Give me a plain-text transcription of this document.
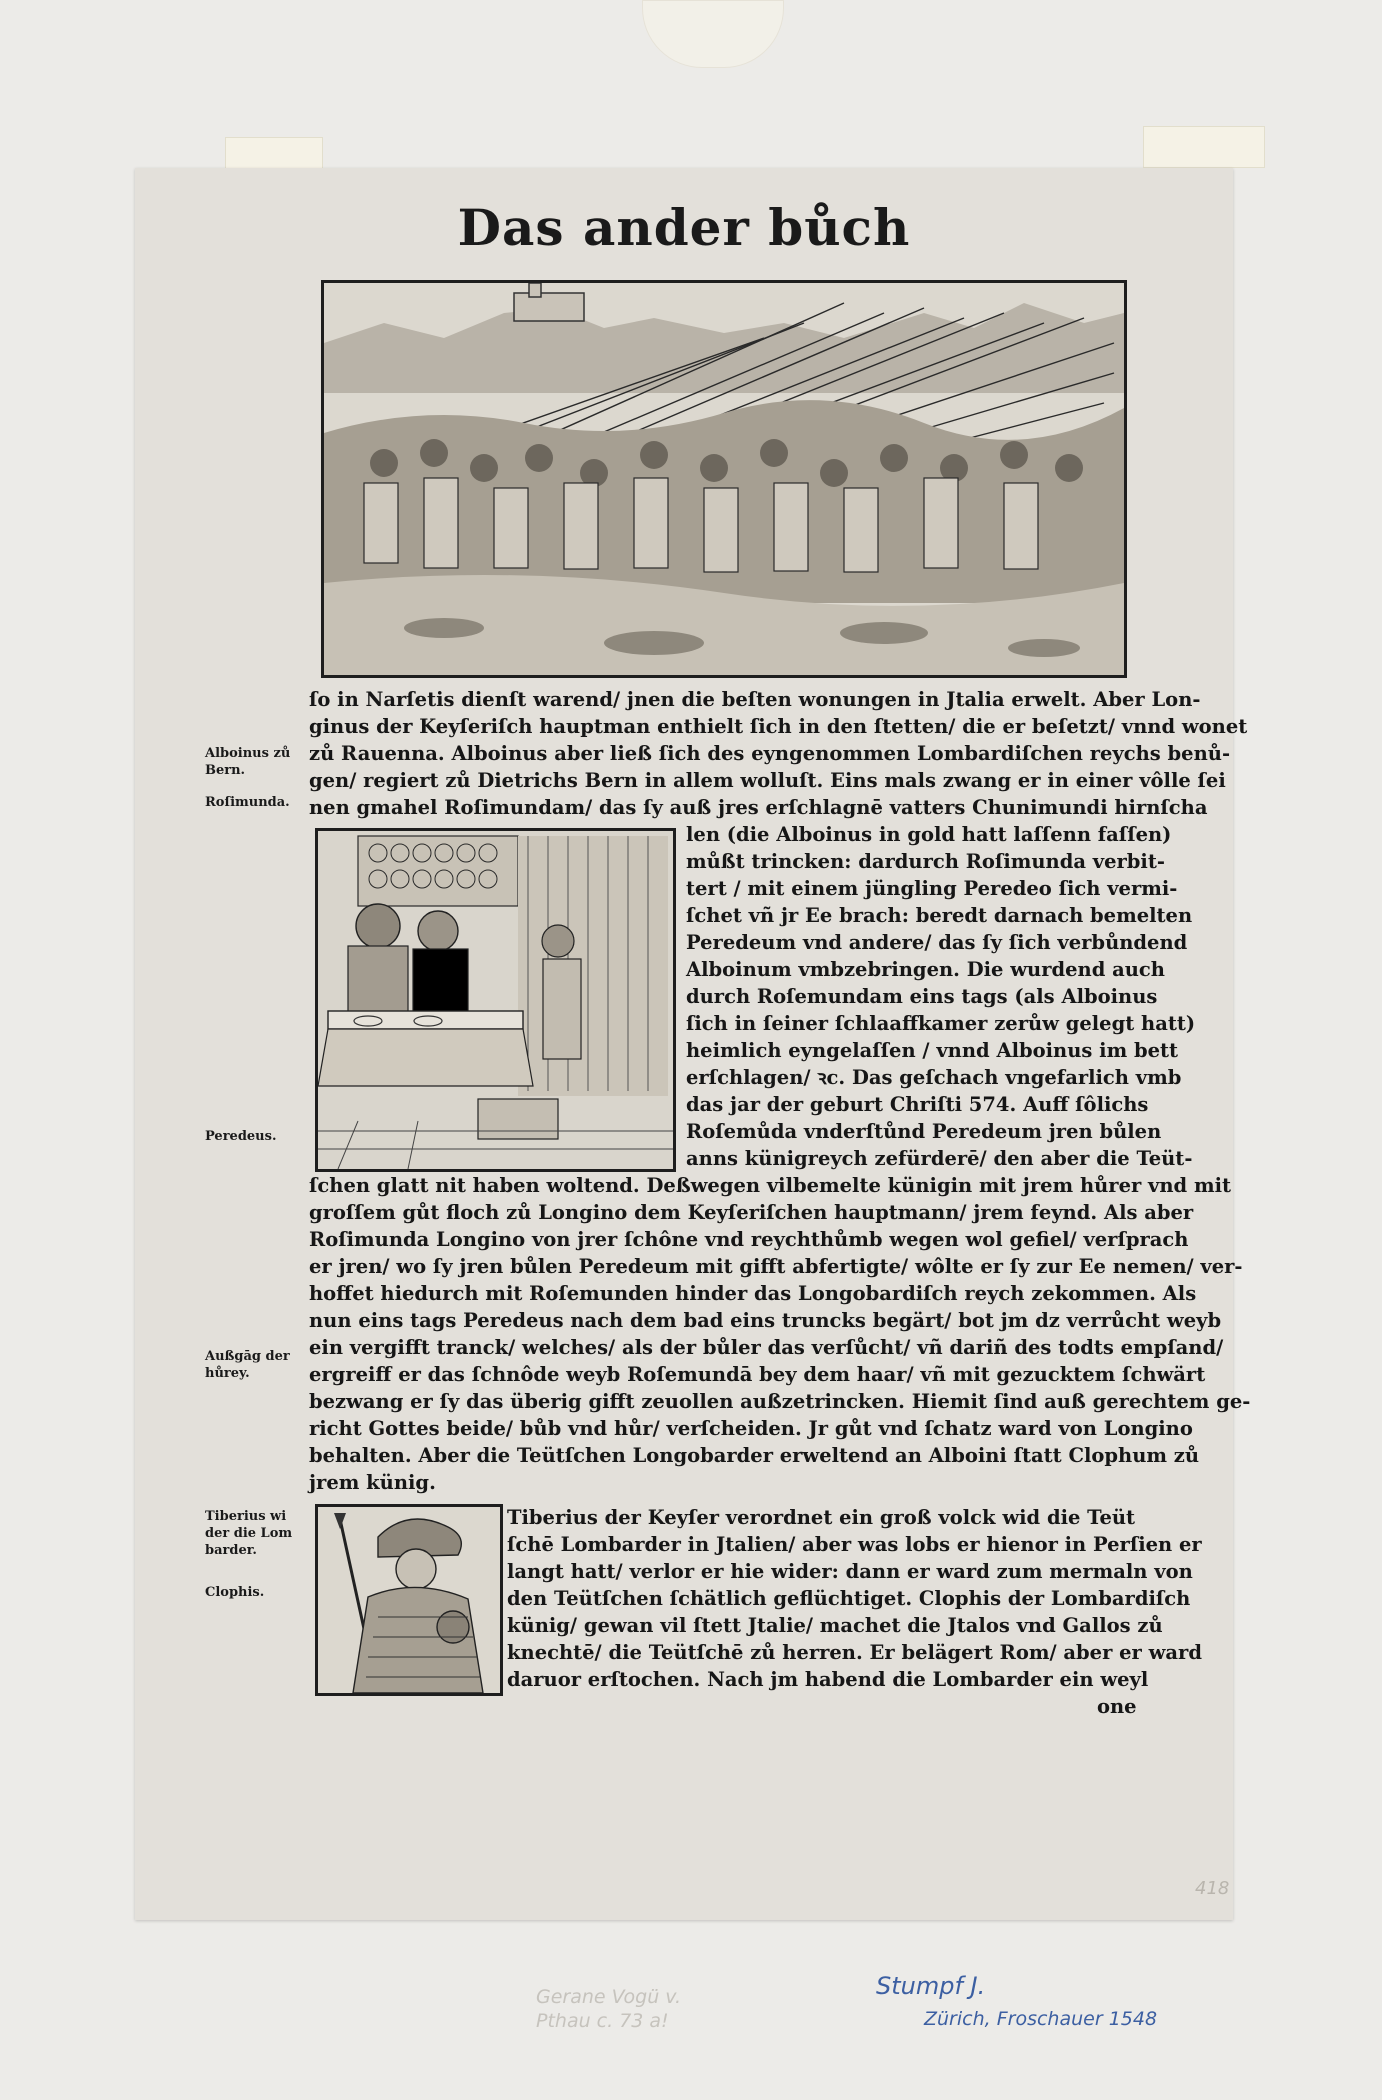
Das ander bůch

Alboinus zů
Bern.

Roſimunda.

Peredeus.

Außgāg der
hůrey.

Tiberius wi
der die Lom
barder.

Clophis.

ſo in Narſetis dienſt warend/ jnen die beſten wonungen in Jtalia erwelt. Aber Lon-

ginus der Keyſeriſch hauptman enthielt ſich in den ſtetten/ die er beſetzt/ vnnd wonet

zů Rauenna. Alboinus aber ließ ſich des eyngenommen Lombardiſchen reychs benů-

gen/ regiert zů Dietrichs Bern in allem wolluſt. Eins mals zwang er in einer vôlle ſei

nen gmahel Roſimundam/ das ſy auß jres erſchlagnē vatters Chunimundi hirnſcha

len (die Alboinus in gold hatt laſſenn faſſen)

můßt trincken: dardurch Roſimunda verbit-

tert / mit einem jüngling Peredeo ſich vermi-

ſchet vñ jr Ee brach: beredt darnach bemelten

Peredeum vnd andere/ das ſy ſich verbůndend

Alboinum vmbzebringen. Die wurdend auch

durch Roſemundam eins tags (als Alboinus

ſich in ſeiner ſchlaaffkamer zerůw gelegt hatt)

heimlich eyngelaſſen / vnnd Alboinus im bett

erſchlagen/ ꝛc. Das geſchach vngefarlich vmb

das jar der geburt Chriſti 574. Auff ſôlichs

Roſemůda vnderſtůnd Peredeum jren bůlen

anns künigreych zefürderē/ den aber die Teüt-

ſchen glatt nit haben woltend. Deßwegen vilbemelte künigin mit jrem hůrer vnd mit

groſſem gůt floch zů Longino dem Keyſeriſchen hauptmann/ jrem feynd. Als aber

Roſimunda Longino von jrer ſchône vnd reychthůmb wegen wol gefiel/ verſprach

er jren/ wo ſy jren bůlen Peredeum mit gifft abfertigte/ wôlte er ſy zur Ee nemen/ ver-

hoffet hiedurch mit Roſemunden hinder das Longobardiſch reych zekommen. Als

nun eins tags Peredeus nach dem bad eins truncks begärt/ bot jm dz verrůcht weyb

ein vergifft tranck/ welches/ als der bůler das verſůcht/ vñ dariñ des todts empſand/

ergreiff er das ſchnôde weyb Roſemundā bey dem haar/ vñ mit gezucktem ſchwärt

bezwang er ſy das überig gifft zeuollen außzetrincken. Hiemit ſind auß gerechtem ge-

richt Gottes beide/ bůb vnd hůr/ verſcheiden. Jr gůt vnd ſchatz ward von Longino

behalten. Aber die Teütſchen Longobarder erweltend an Alboini ſtatt Clophum zů

jrem künig.

Tiberius der Keyſer verordnet ein groß volck wid die Teüt

ſchē Lombarder in Jtalien/ aber was lobs er hienor in Perſien er

langt hatt/ verlor er hie wider: dann er ward zum mermaln von

den Teütſchen ſchätlich geflüchtiget. Clophis der Lombardiſch

künig/ gewan vil ſtett Jtalie/ machet die Jtalos vnd Gallos zů

knechtē/ die Teütſchē zů herren. Er belägert Rom/ aber er ward

daruor erſtochen. Nach jm habend die Lombarder ein weyl

one

418

Gerane Vogü v.
Pthau c. 73 a!

Stumpf J.
Zürich, Froschauer 1548
